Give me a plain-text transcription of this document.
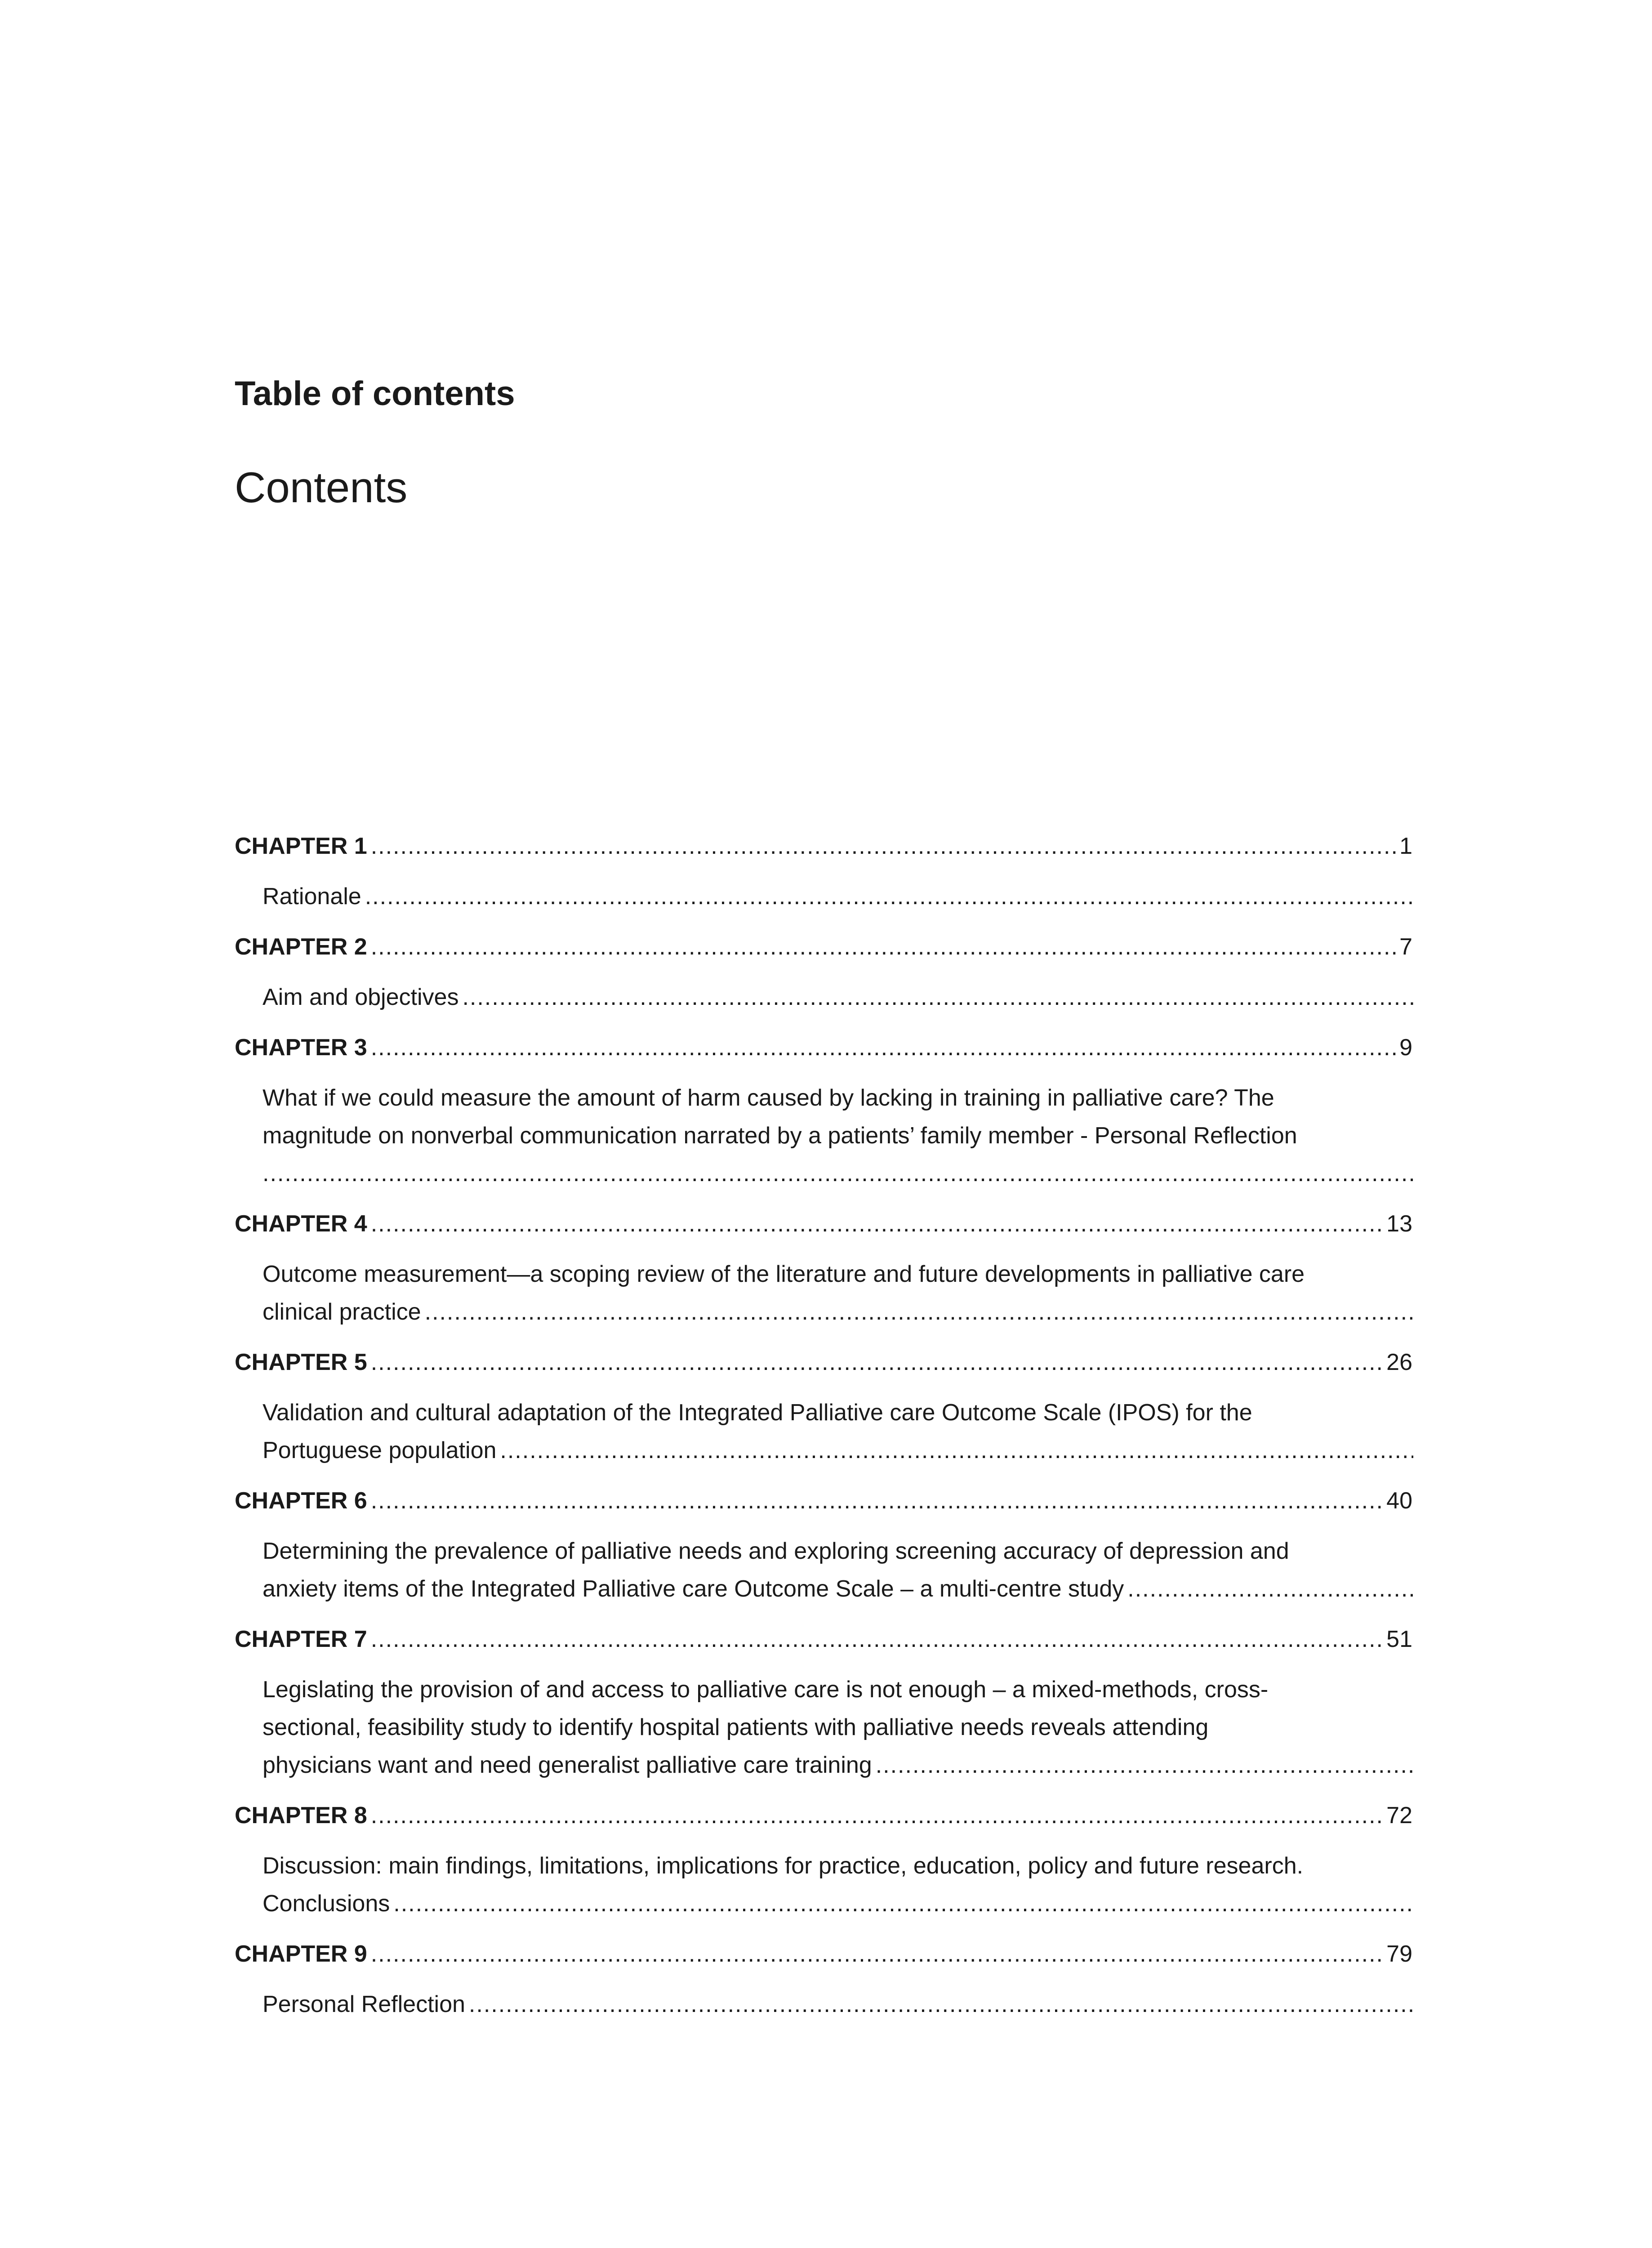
Table of contents
Contents
CHAPTER 1 .....	1
Rationale
.....
CHAPTER 2 .....	7
Aim and objectives
.....
CHAPTER 3 .....	9
What if we could measure the amount of harm caused by lacking in training in palliative care? The
magnitude on nonverbal communication narrated by a patients’ family member - Personal Reflection
.....
CHAPTER 4 .....	13
Outcome measurement—a scoping review of the literature and future developments in palliative care
clinical practice
.....
CHAPTER 5 .....	26
Validation and cultural adaptation of the Integrated Palliative care Outcome Scale (IPOS) for the
Portuguese population
.....
CHAPTER 6 .....	40
Determining the prevalence of palliative needs and exploring screening accuracy of depression and
anxiety items of the Integrated Palliative care Outcome Scale – a multi-centre study
.....
CHAPTER 7 .....	51
Legislating the provision of and access to palliative care is not enough – a mixed-methods, cross-
sectional, feasibility study to identify hospital patients with palliative needs reveals attending
physicians want and need generalist palliative care training
.....
CHAPTER 8 .....	72
Discussion: main findings, limitations, implications for practice, education, policy and future research.
Conclusions
.....
CHAPTER 9 .....	79
Personal Reflection
.....
